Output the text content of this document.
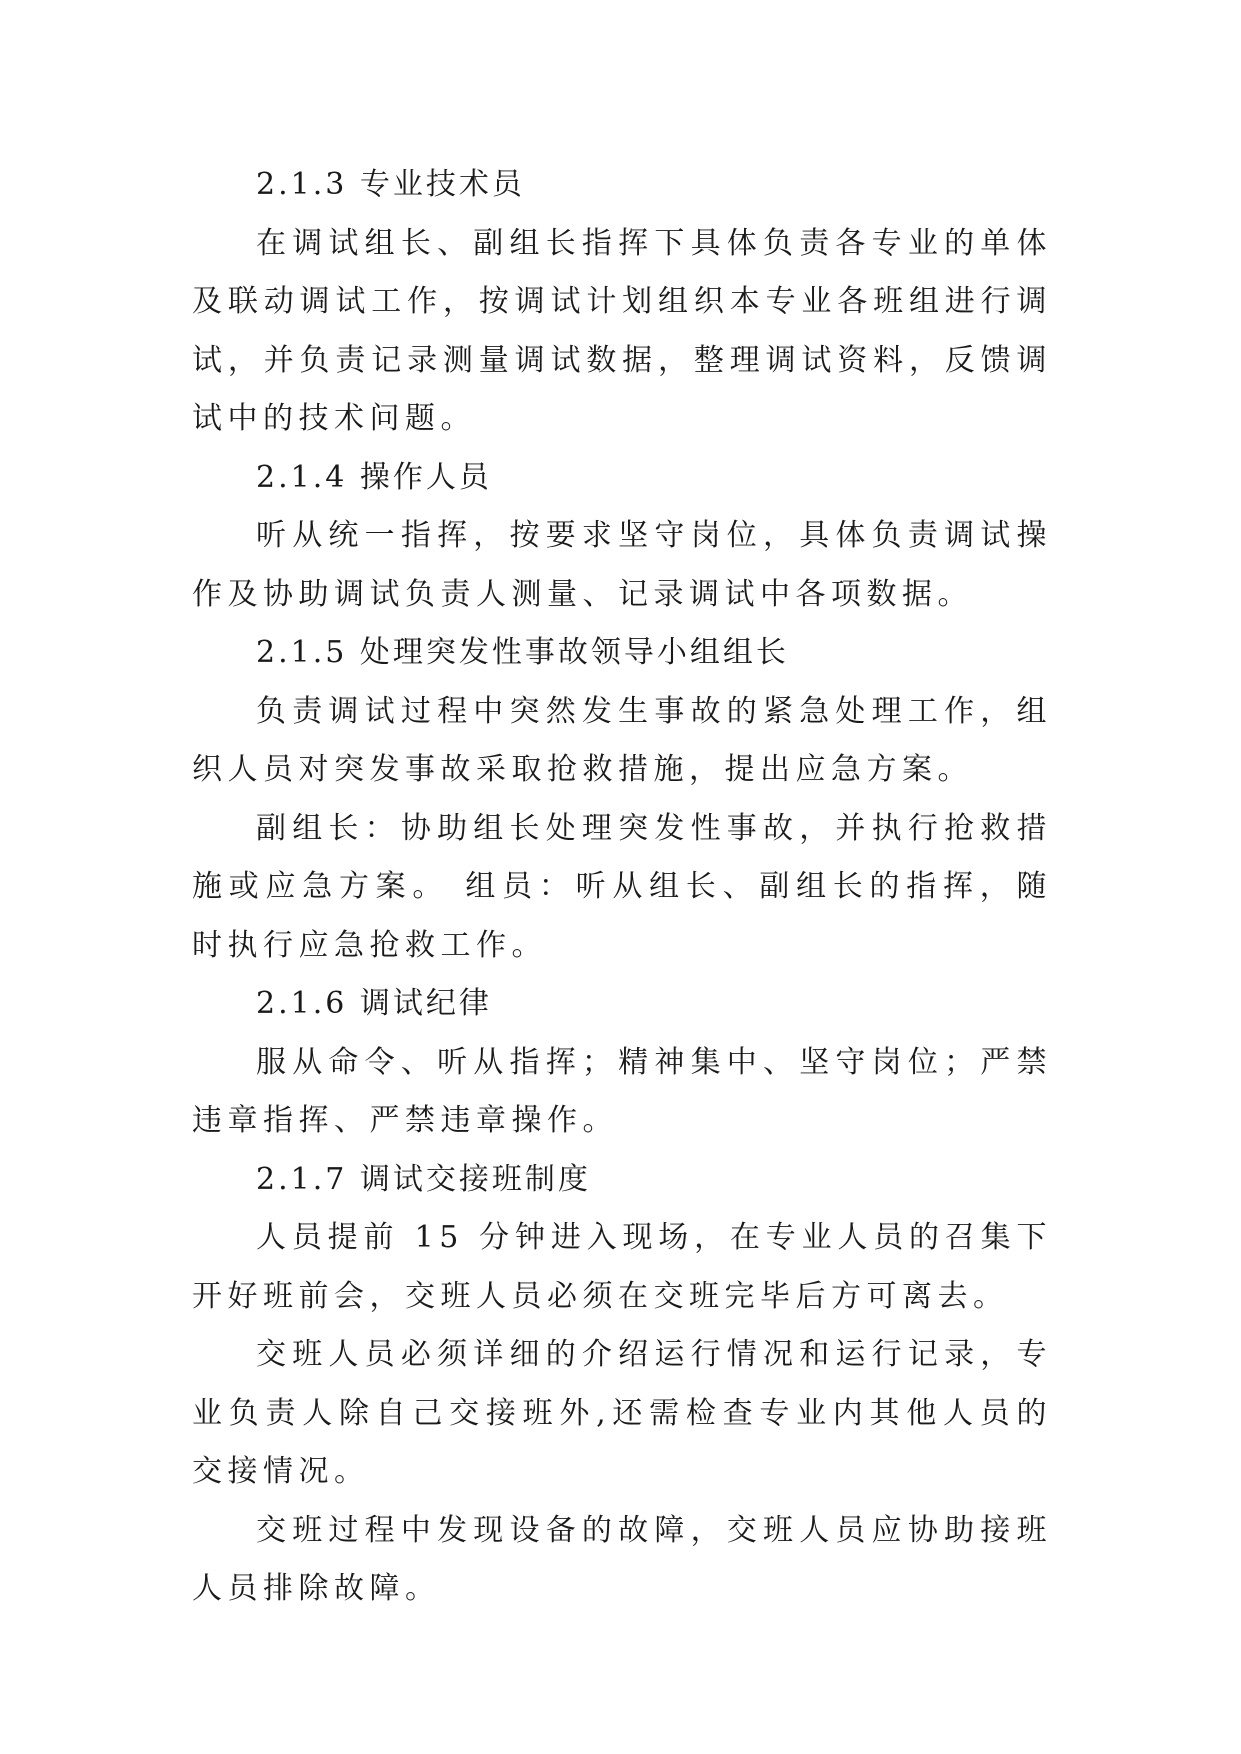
2.1.3 专业技术员

在调试组长、副组长指挥下具体负责各专业的单体及联动调试工作，按调试计划组织本专业各班组进行调试，并负责记录测量调试数据，整理调试资料，反馈调试中的技术问题。

2.1.4 操作人员

听从统一指挥，按要求坚守岗位，具体负责调试操作及协助调试负责人测量、记录调试中各项数据。

2.1.5 处理突发性事故领导小组组长

负责调试过程中突然发生事故的紧急处理工作，组织人员对突发事故采取抢救措施，提出应急方案。

副组长：协助组长处理突发性事故，并执行抢救措施或应急方案。 组员：听从组长、副组长的指挥，随时执行应急抢救工作。

2.1.6 调试纪律

服从命令、听从指挥；精神集中、坚守岗位；严禁违章指挥、严禁违章操作。

2.1.7 调试交接班制度

人员提前 15 分钟进入现场，在专业人员的召集下开好班前会，交班人员必须在交班完毕后方可离去。

交班人员必须详细的介绍运行情况和运行记录，专业负责人除自己交接班外,还需检查专业内其他人员的交接情况。

交班过程中发现设备的故障，交班人员应协助接班人员排除故障。
